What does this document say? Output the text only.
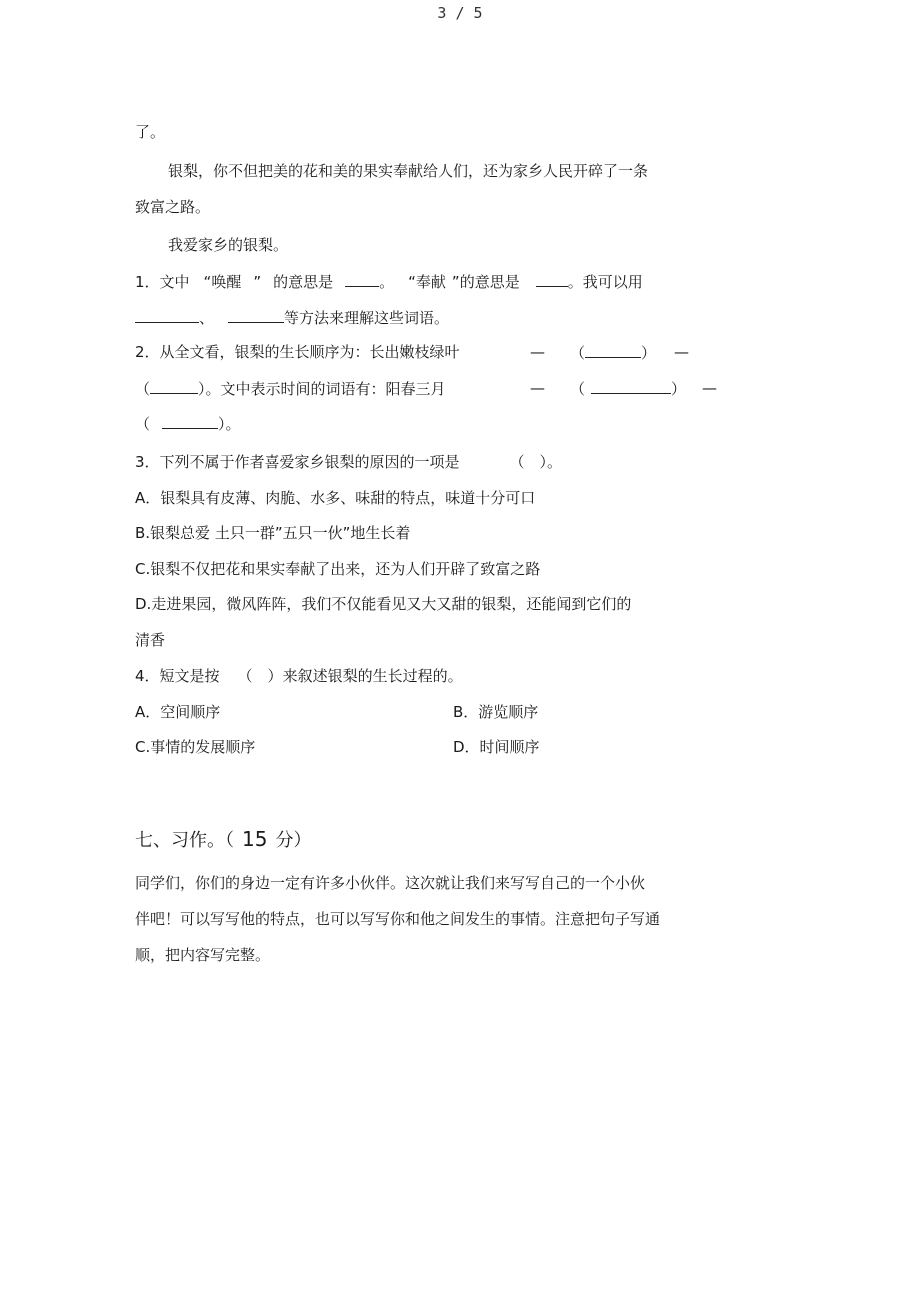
3 / 5
了。
银梨，你不但把美的花和美的果实奉献给人们，还为家乡人民开碎了一条
致富之路。
我爱家乡的银梨。
1．文中 “唤醒 ” 的意思是	。 “奉献 ”的意思是	。我可以用
、	等方法来理解这些词语。
2．从全文看，银梨的生长顺序为：长出嫩枝绿叶	— （	） —
（	）。文中表示时间的词语有：阳春三月	— （	） —
（	）。
3．下列不属于作者喜爱家乡银梨的原因的一项是	（　）。
A．银梨具有皮薄、肉脆、水多、味甜的特点，味道十分可口
B.银梨总爱 土只一群”五只一伙”地生长着
C.银梨不仅把花和果实奉献了出来，还为人们开辟了致富之路
D.走进果园，微风阵阵，我们不仅能看见又大又甜的银梨，还能闻到它们的
清香
4．短文是按 （　）来叙述银梨的生长过程的。
A．空间顺序	B．游览顺序
C.事情的发展顺序	D．时间顺序
七、习作。（ 15 分）
同学们，你们的身边一定有许多小伙伴。这次就让我们来写写自己的一个小伙
伴吧！可以写写他的特点，也可以写写你和他之间发生的事情。注意把句子写通
顺，把内容写完整。
